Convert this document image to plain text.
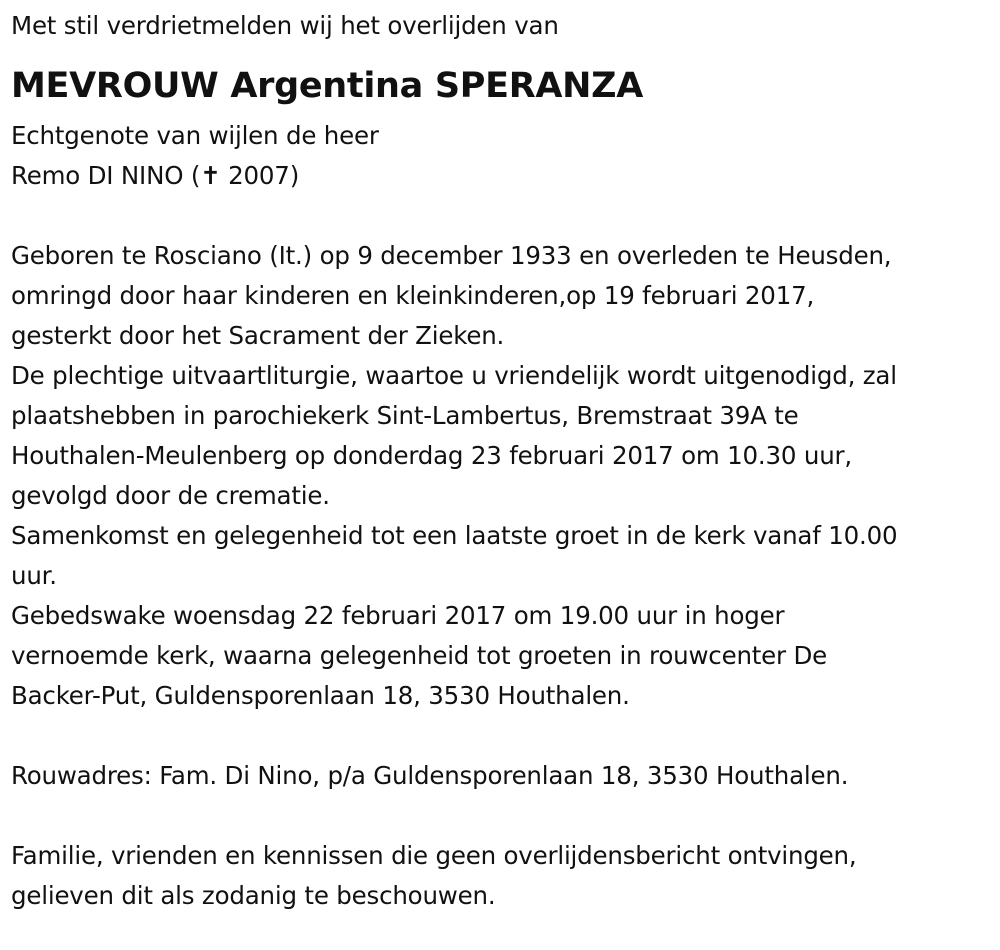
Met stil verdrietmelden wij het overlijden van
MEVROUW Argentina SPERANZA
Echtgenote van wijlen de heer
Remo DI NINO (✝ 2007)
Geboren te Rosciano (It.) op 9 december 1933 en overleden te Heusden,
omringd door haar kinderen en kleinkinderen,op 19 februari 2017,
gesterkt door het Sacrament der Zieken.
De plechtige uitvaartliturgie, waartoe u vriendelijk wordt uitgenodigd, zal
plaatshebben in parochiekerk Sint-Lambertus, Bremstraat 39A te
Houthalen-Meulenberg op donderdag 23 februari 2017 om 10.30 uur,
gevolgd door de crematie.
Samenkomst en gelegenheid tot een laatste groet in de kerk vanaf 10.00
uur.
Gebedswake woensdag 22 februari 2017 om 19.00 uur in hoger
vernoemde kerk, waarna gelegenheid tot groeten in rouwcenter De
Backer-Put, Guldensporenlaan 18, 3530 Houthalen.
Rouwadres: Fam. Di Nino, p/a Guldensporenlaan 18, 3530 Houthalen.
Familie, vrienden en kennissen die geen overlijdensbericht ontvingen,
gelieven dit als zodanig te beschouwen.
